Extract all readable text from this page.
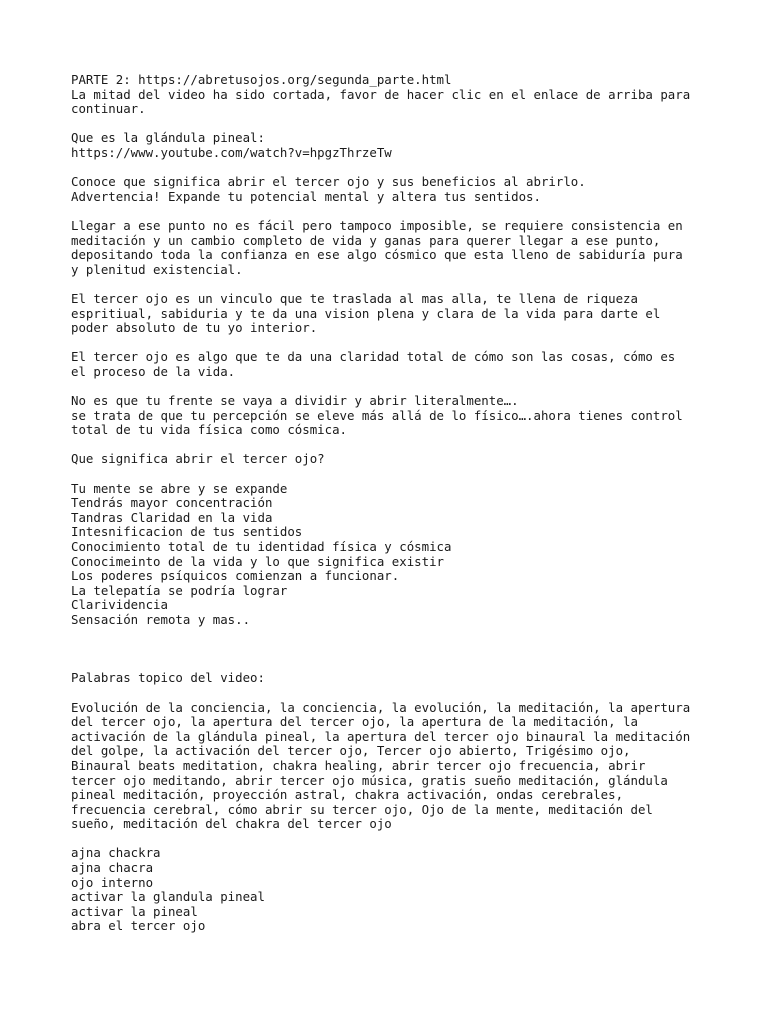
PARTE 2: https://abretusojos.org/segunda_parte.html
La mitad del video ha sido cortada, favor de hacer clic en el enlace de arriba para
continuar.
Que es la glándula pineal:
https://www.youtube.com/watch?v=hpgzThrzeTw
Conoce que significa abrir el tercer ojo y sus beneficios al abrirlo.
Advertencia! Expande tu potencial mental y altera tus sentidos.
Llegar a ese punto no es fácil pero tampoco imposible, se requiere consistencia en
meditación y un cambio completo de vida y ganas para querer llegar a ese punto,
depositando toda la confianza en ese algo cósmico que esta lleno de sabiduría pura
y plenitud existencial.
El tercer ojo es un vinculo que te traslada al mas alla, te llena de riqueza
espritiual, sabiduria y te da una vision plena y clara de la vida para darte el
poder absoluto de tu yo interior.
El tercer ojo es algo que te da una claridad total de cómo son las cosas, cómo es
el proceso de la vida.
No es que tu frente se vaya a dividir y abrir literalmente….
se trata de que tu percepción se eleve más allá de lo físico….ahora tienes control
total de tu vida física como cósmica.
Que significa abrir el tercer ojo?
Tu mente se abre y se expande
Tendrás mayor concentración
Tandras Claridad en la vida
Intesnificacion de tus sentidos
Conocimiento total de tu identidad física y cósmica
Conocimeinto de la vida y lo que significa existir
Los poderes psíquicos comienzan a funcionar.
La telepatía se podría lograr
Clarividencia
Sensación remota y mas..
Palabras topico del video:
Evolución de la conciencia, la conciencia, la evolución, la meditación, la apertura
del tercer ojo, la apertura del tercer ojo, la apertura de la meditación, la
activación de la glándula pineal, la apertura del tercer ojo binaural la meditación
del golpe, la activación del tercer ojo, Tercer ojo abierto, Trigésimo ojo,
Binaural beats meditation, chakra healing, abrir tercer ojo frecuencia, abrir
tercer ojo meditando, abrir tercer ojo música, gratis sueño meditación, glándula
pineal meditación, proyección astral, chakra activación, ondas cerebrales,
frecuencia cerebral, cómo abrir su tercer ojo, Ojo de la mente, meditación del
sueño, meditación del chakra del tercer ojo
ajna chackra
ajna chacra
ojo interno
activar la glandula pineal
activar la pineal
abra el tercer ojo
